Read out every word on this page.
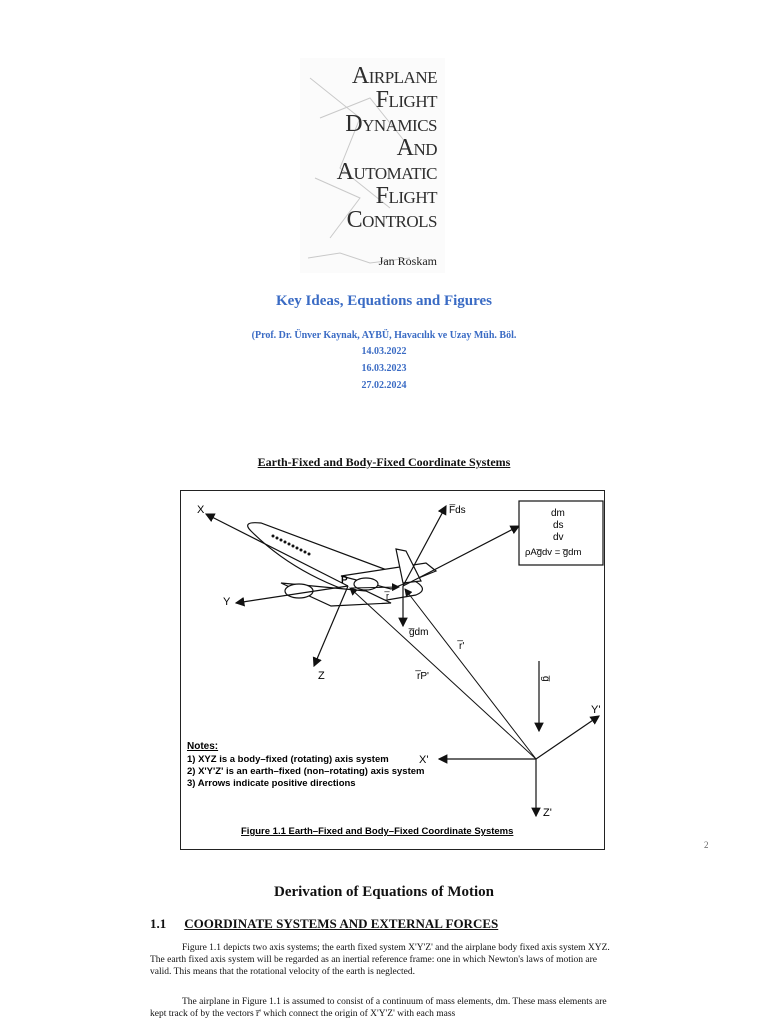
Airplane
Flight
Dynamics
And
Automatic
Flight
Controls
Jan Roskam
Key Ideas, Equations and Figures
(Prof. Dr. Ünver Kaynak, AYBÜ, Havacılık ve Uzay Müh. Böl.
14.03.2022
16.03.2023
27.02.2024
Earth-Fixed and Body-Fixed Coordinate Systems
X
Y
Z
F̅ds
g̅dm
r̅'
r̅P'
r̅
P
g̅
X'
Y'
Z'
dm
ds
dv
ρAg̅dv = g̅dm
Notes:
1) XYZ is a body–fixed (rotating) axis system
2) X'Y'Z' is an earth–fixed (non–rotating) axis system
3) Arrows indicate positive directions
Figure 1.1 Earth–Fixed and Body–Fixed Coordinate Systems
2
Derivation of Equations of Motion
1.1 COORDINATE SYSTEMS AND EXTERNAL FORCES
Figure 1.1 depicts two axis systems; the earth fixed system X'Y'Z' and the airplane body fixed axis system XYZ. The earth fixed axis system will be regarded as an inertial reference frame: one in which Newton's laws of motion are valid. This means that the rotational velocity of the earth is neglected.
The airplane in Figure 1.1 is assumed to consist of a continuum of mass elements, dm. These mass elements are kept track of by the vectors r̅' which connect the origin of X'Y'Z' with each mass
